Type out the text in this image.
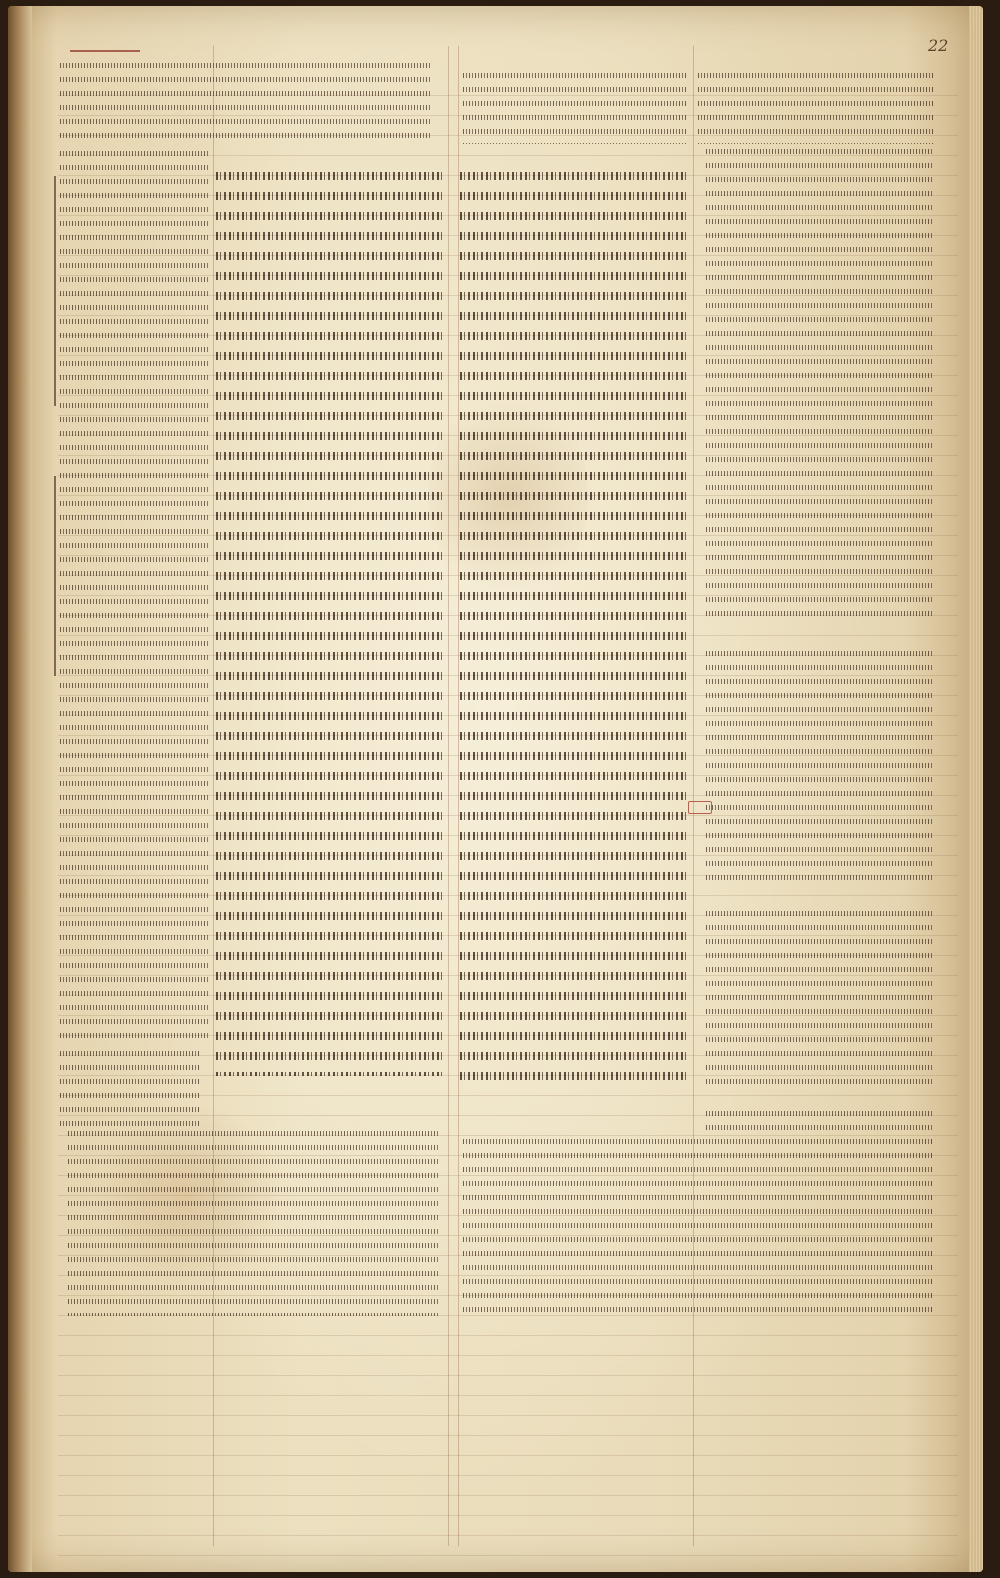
22
